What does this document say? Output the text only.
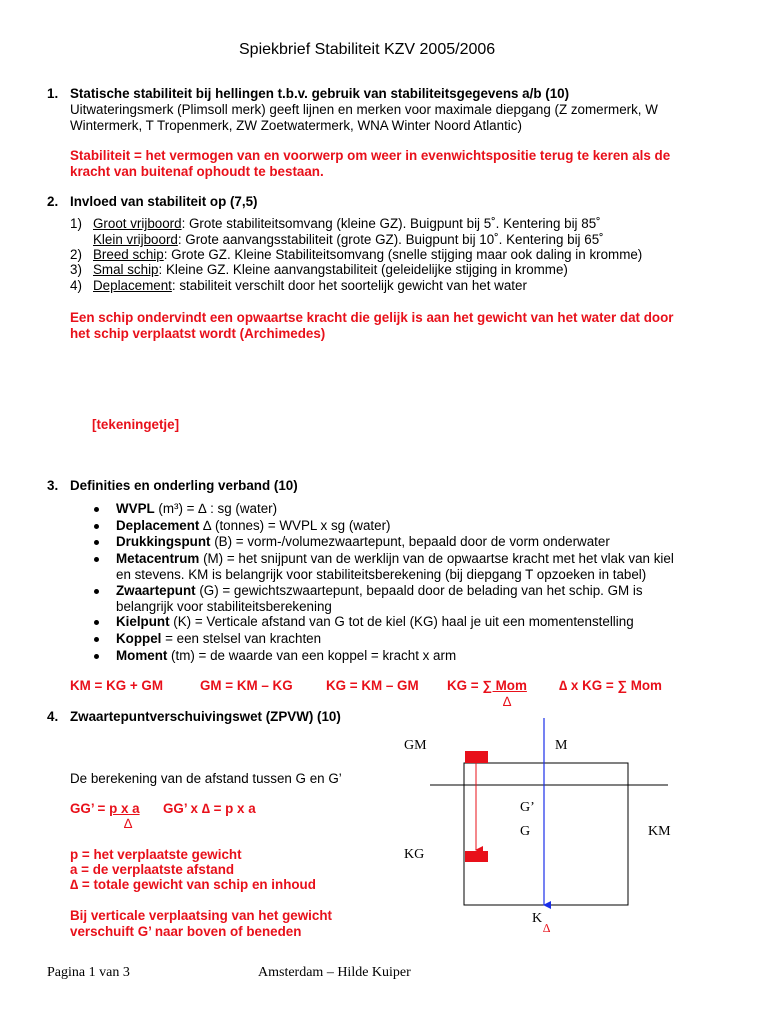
Spiekbrief Stabiliteit KZV 2005/2006
1. Statische stabiliteit bij hellingen t.b.v. gebruik van stabiliteitsgegevens a/b (10)
Uitwateringsmerk (Plimsoll merk) geeft lijnen en merken voor maximale diepgang (Z zomermerk, W
Wintermerk, T Tropenmerk, ZW Zoetwatermerk, WNA Winter Noord Atlantic)
Stabiliteit = het vermogen van en voorwerp om weer in evenwichtspositie terug te keren als de
kracht van buitenaf ophoudt te bestaan.
2. Invloed van stabiliteit op (7,5)
1) Groot vrijboord: Grote stabiliteitsomvang (kleine GZ). Buigpunt bij 5˚. Kentering bij 85˚
Klein vrijboord: Grote aanvangsstabiliteit (grote GZ). Buigpunt bij 10˚. Kentering bij 65˚
2) Breed schip: Grote GZ. Kleine Stabiliteitsomvang (snelle stijging maar ook daling in kromme)
3) Smal schip: Kleine GZ. Kleine aanvangstabiliteit (geleidelijke stijging in kromme)
4) Deplacement: stabiliteit verschilt door het soortelijk gewicht van het water
Een schip ondervindt een opwaartse kracht die gelijk is aan het gewicht van het water dat door
het schip verplaatst wordt (Archimedes)
[tekeningetje]
3. Definities en onderling verband (10)
WVPL (m³) = ∆ : sg (water)
Deplacement ∆ (tonnes) = WVPL x sg (water)
Drukkingspunt (B) = vorm-/volumezwaartepunt, bepaald door de vorm onderwater
Metacentrum (M) = het snijpunt van de werklijn van de opwaartse kracht met het vlak van kiel
en stevens. KM is belangrijk voor stabiliteitsberekening (bij diepgang T opzoeken in tabel)
Zwaartepunt (G) = gewichtszwaartepunt, bepaald door de belading van het schip. GM is
belangrijk voor stabiliteitsberekening
Kielpunt (K) = Verticale afstand van G tot de kiel (KG) haal je uit een momentenstelling
Koppel = een stelsel van krachten
Moment (tm) = de waarde van een koppel = kracht x arm
KM = KG + GM	GM = KM – KG KG = KM – GM KG = ∑ Mom
∆
∆ x KG = ∑ Mom
4. Zwaartepuntverschuivingswet (ZPVW) (10)
De berekening van de afstand tussen G en G’
GG’ = p x a
∆
GG’ x ∆ = p x a
p = het verplaatste gewicht
a = de verplaatste afstand
∆ = totale gewicht van schip en inhoud
Bij verticale verplaatsing van het gewicht
verschuift G’ naar boven of beneden
GM	M
G’
G	KM
KG
K
∆
Pagina 1 van 3	Amsterdam – Hilde Kuiper
